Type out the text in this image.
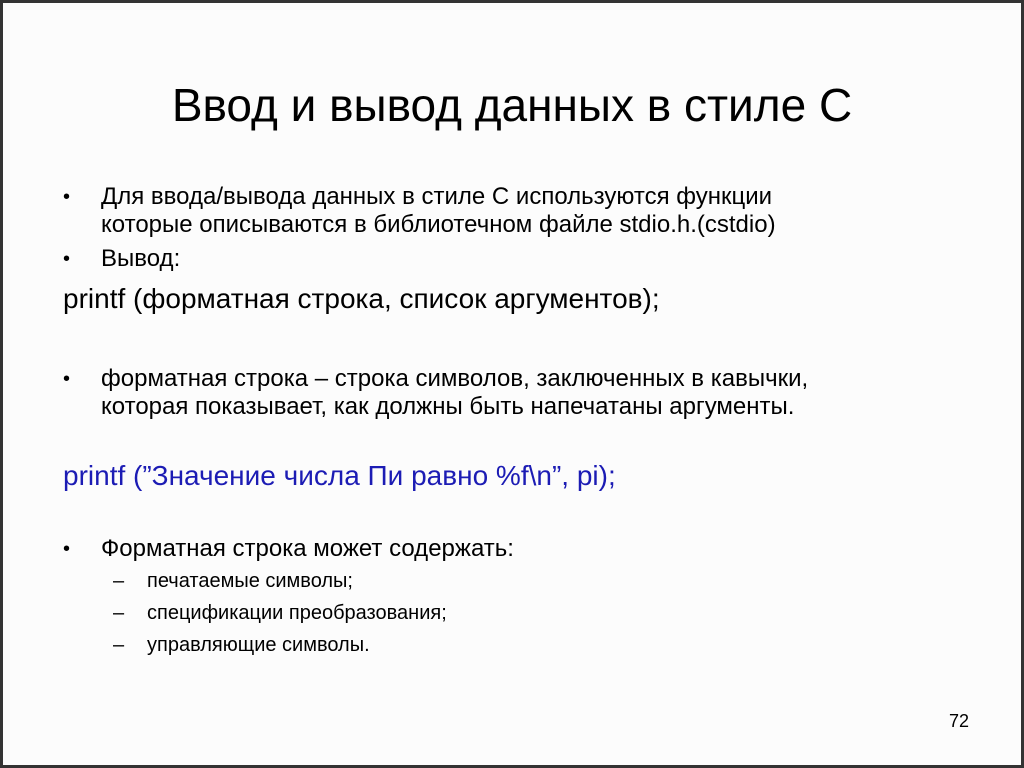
Ввод и вывод данных в стиле С
•	Для ввода/вывода данных в стиле С используются функции
которые описываются в библиотечном файле stdio.h.(cstdio)
•	Вывод:
printf (форматная строка, список аргументов);
•	форматная строка – строка символов, заключенных в кавычки,
которая показывает, как должны быть напечатаны аргументы.
printf (”Значение числа Пи равно %f\n”, pi);
•	Форматная строка может содержать:
–	печатаемые символы;
–	спецификации преобразования;
–	управляющие символы.
72
